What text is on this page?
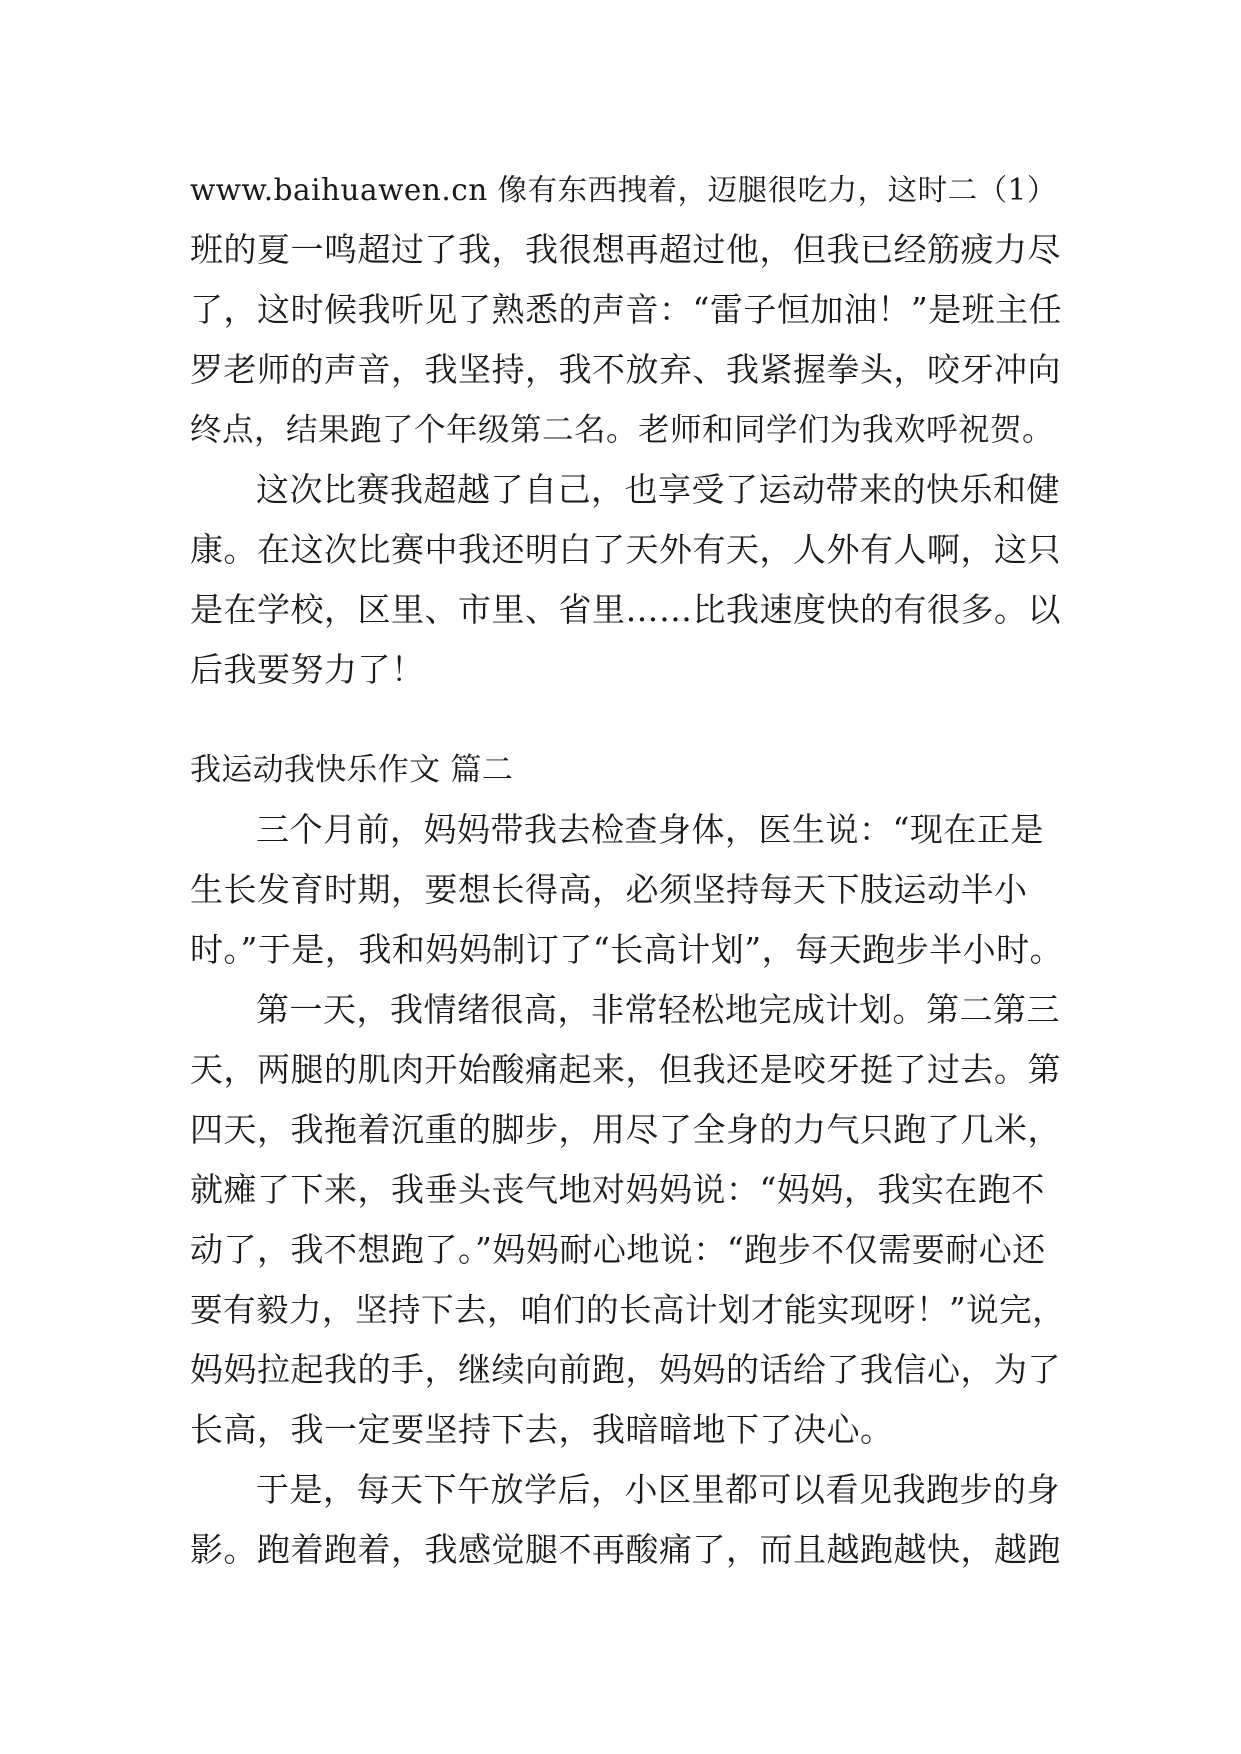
www.baihuawen.cn 像有东西拽着，迈腿很吃力，这时二（1）
班的夏一鸣超过了我，我很想再超过他，但我已经筋疲力尽
了，这时候我听见了熟悉的声音：“雷子恒加油！”是班主任
罗老师的声音，我坚持，我不放弃、我紧握拳头，咬牙冲向
终点，结果跑了个年级第二名。老师和同学们为我欢呼祝贺。
这次比赛我超越了自己，也享受了运动带来的快乐和健
康。在这次比赛中我还明白了天外有天，人外有人啊，这只
是在学校，区里、市里、省里……比我速度快的有很多。以
后我要努力了！
我运动我快乐作文 篇二
三个月前，妈妈带我去检查身体，医生说：“现在正是
生长发育时期，要想长得高，必须坚持每天下肢运动半小
时。”于是，我和妈妈制订了“长高计划”，每天跑步半小时。
第一天，我情绪很高，非常轻松地完成计划。第二第三
天，两腿的肌肉开始酸痛起来，但我还是咬牙挺了过去。第
四天，我拖着沉重的脚步，用尽了全身的力气只跑了几米，
就瘫了下来，我垂头丧气地对妈妈说：“妈妈，我实在跑不
动了，我不想跑了。”妈妈耐心地说：“跑步不仅需要耐心还
要有毅力，坚持下去，咱们的长高计划才能实现呀！”说完，
妈妈拉起我的手，继续向前跑，妈妈的话给了我信心，为了
长高，我一定要坚持下去，我暗暗地下了决心。
于是，每天下午放学后，小区里都可以看见我跑步的身
影。跑着跑着，我感觉腿不再酸痛了，而且越跑越快，越跑
